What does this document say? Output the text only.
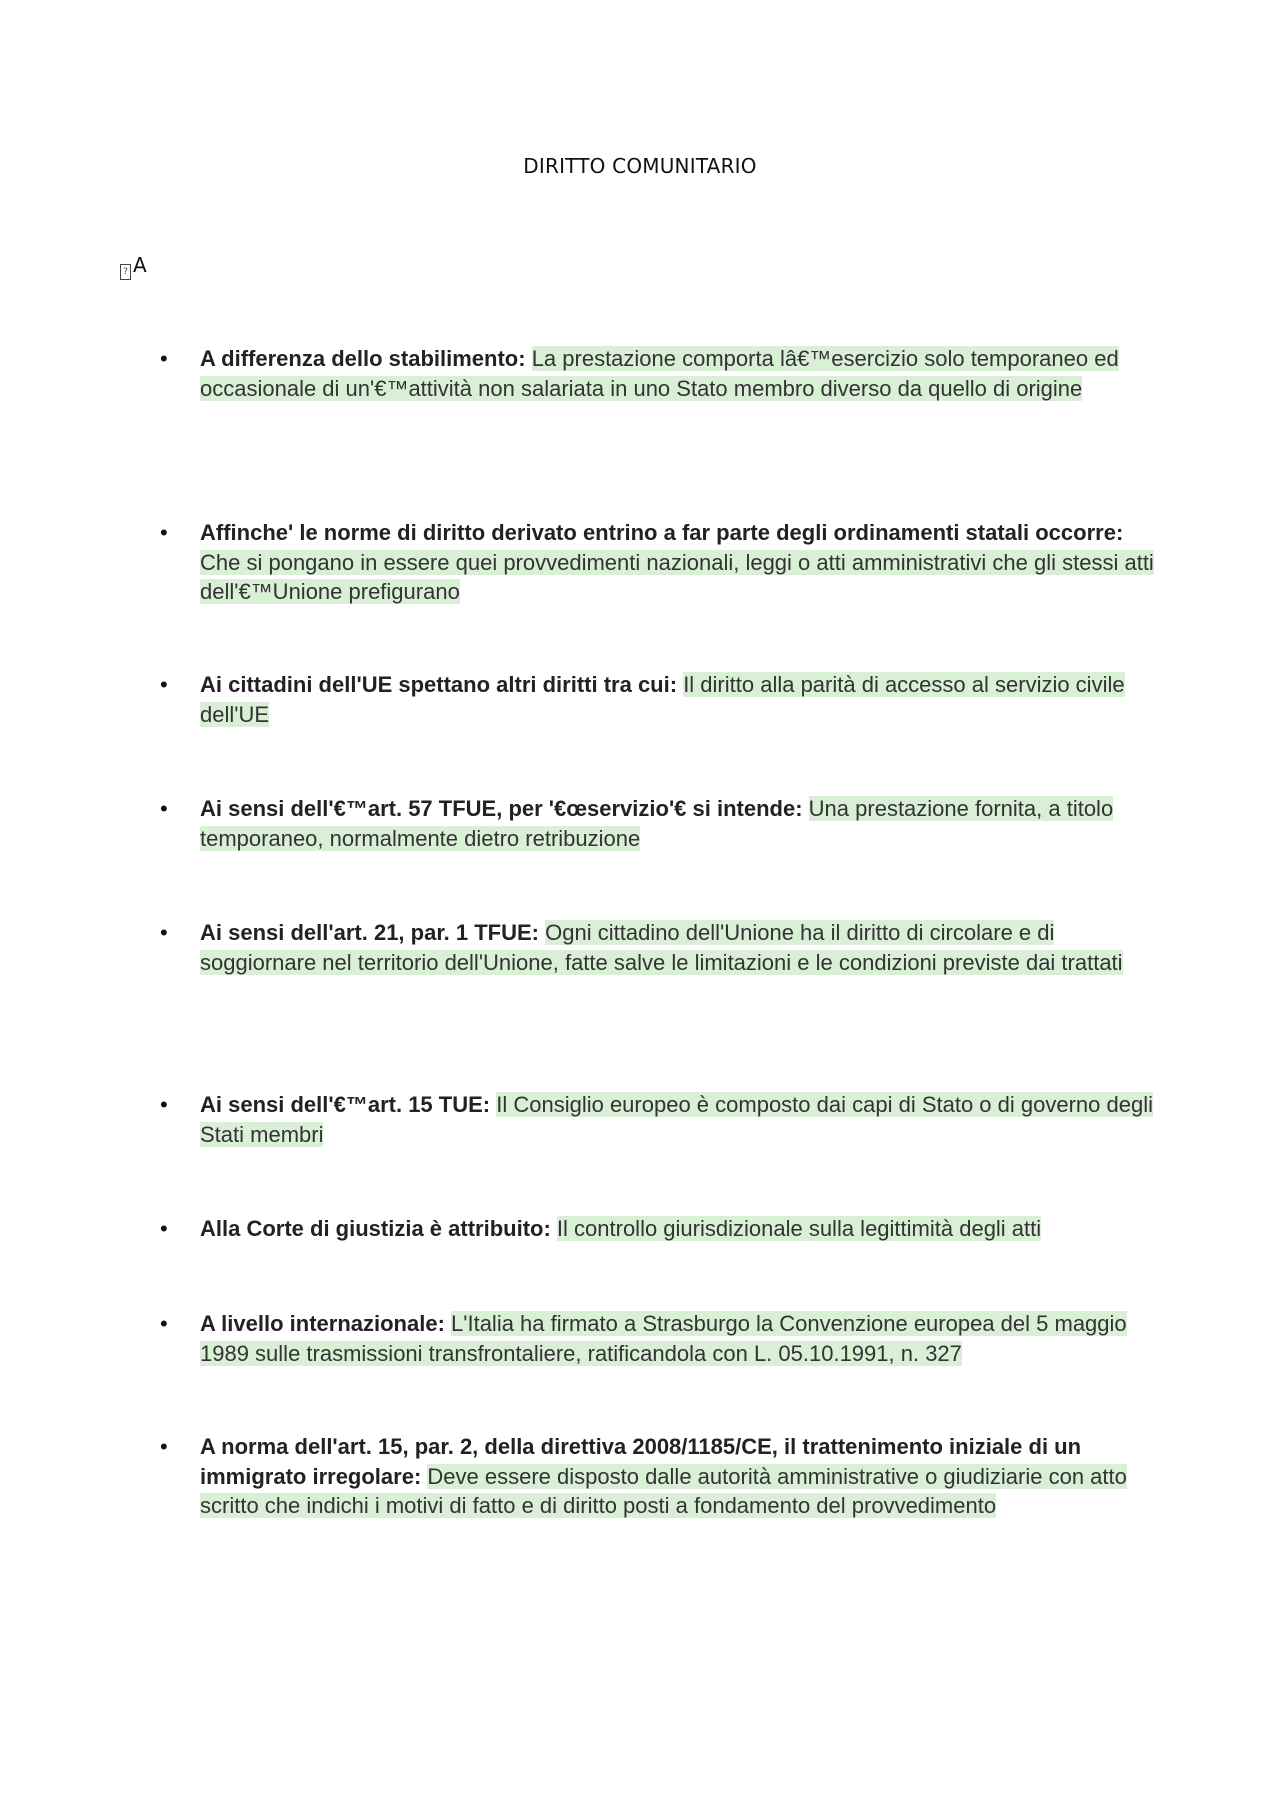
DIRITTO COMUNITARIO
? A
• A differenza dello stabilimento: La prestazione comporta lâ€™esercizio solo temporaneo ed occasionale di un'€™attività non salariata in uno Stato membro diverso da quello di origine
• Affinche' le norme di diritto derivato entrino a far parte degli ordinamenti statali occorre: Che si pongano in essere quei provvedimenti nazionali, leggi o atti amministrativi che gli stessi atti dell'€™Unione prefigurano
• Ai cittadini dell'UE spettano altri diritti tra cui: Il diritto alla parità di accesso al servizio civile dell'UE
• Ai sensi dell'€™art. 57 TFUE, per '€œservizio'€ si intende: Una prestazione fornita, a titolo temporaneo, normalmente dietro retribuzione
• Ai sensi dell'art. 21, par. 1 TFUE: Ogni cittadino dell'Unione ha il diritto di circolare e di soggiornare nel territorio dell'Unione, fatte salve le limitazioni e le condizioni previste dai trattati
• Ai sensi dell'€™art. 15 TUE: Il Consiglio europeo è composto dai capi di Stato o di governo degli Stati membri
• Alla Corte di giustizia è attribuito: Il controllo giurisdizionale sulla legittimità degli atti
• A livello internazionale: L'Italia ha firmato a Strasburgo la Convenzione europea del 5 maggio 1989 sulle trasmissioni transfrontaliere, ratificandola con L. 05.10.1991, n. 327
• A norma dell'art. 15, par. 2, della direttiva 2008/1185/CE, il trattenimento iniziale di un immigrato irregolare: Deve essere disposto dalle autorità amministrative o giudiziarie con atto scritto che indichi i motivi di fatto e di diritto posti a fondamento del provvedimento
